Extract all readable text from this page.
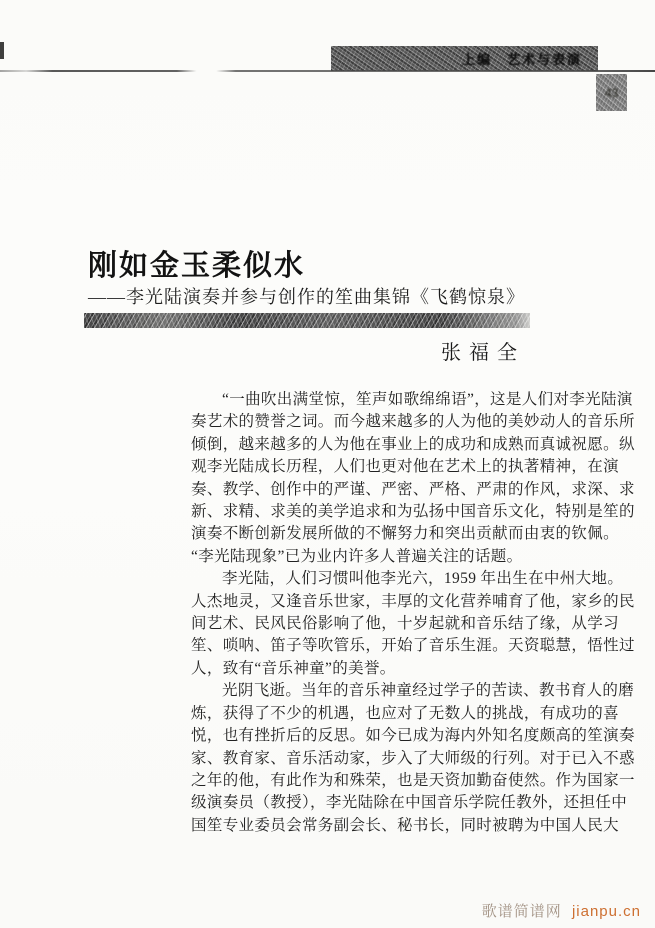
上编　艺术与表演
43
刚如金玉柔似水
——李光陆演奏并参与创作的笙曲集锦《飞鹤惊泉》
张福全
“一曲吹出满堂惊，笙声如歌绵绵语”，这是人们对李光陆演
奏艺术的赞誉之词。而今越来越多的人为他的美妙动人的音乐所
倾倒，越来越多的人为他在事业上的成功和成熟而真诚祝愿。纵
观李光陆成长历程，人们也更对他在艺术上的执著精神，在演
奏、教学、创作中的严谨、严密、严格、严肃的作风，求深、求
新、求精、求美的美学追求和为弘扬中国音乐文化，特别是笙的
演奏不断创新发展所做的不懈努力和突出贡献而由衷的钦佩。
“李光陆现象”已为业内许多人普遍关注的话题。
李光陆，人们习惯叫他李光六，1959 年出生在中州大地。
人杰地灵，又逢音乐世家，丰厚的文化营养哺育了他，家乡的民
间艺术、民风民俗影响了他，十岁起就和音乐结了缘，从学习
笙、唢呐、笛子等吹管乐，开始了音乐生涯。天资聪慧，悟性过
人，致有“音乐神童”的美誉。
光阴飞逝。当年的音乐神童经过学子的苦读、教书育人的磨
炼，获得了不少的机遇，也应对了无数人的挑战，有成功的喜
悦，也有挫折后的反思。如今已成为海内外知名度颇高的笙演奏
家、教育家、音乐活动家，步入了大师级的行列。对于已入不惑
之年的他，有此作为和殊荣，也是天资加勤奋使然。作为国家一
级演奏员（教授），李光陆除在中国音乐学院任教外，还担任中
国笙专业委员会常务副会长、秘书长，同时被聘为中国人民大
歌谱简谱网 jianpu.cn
